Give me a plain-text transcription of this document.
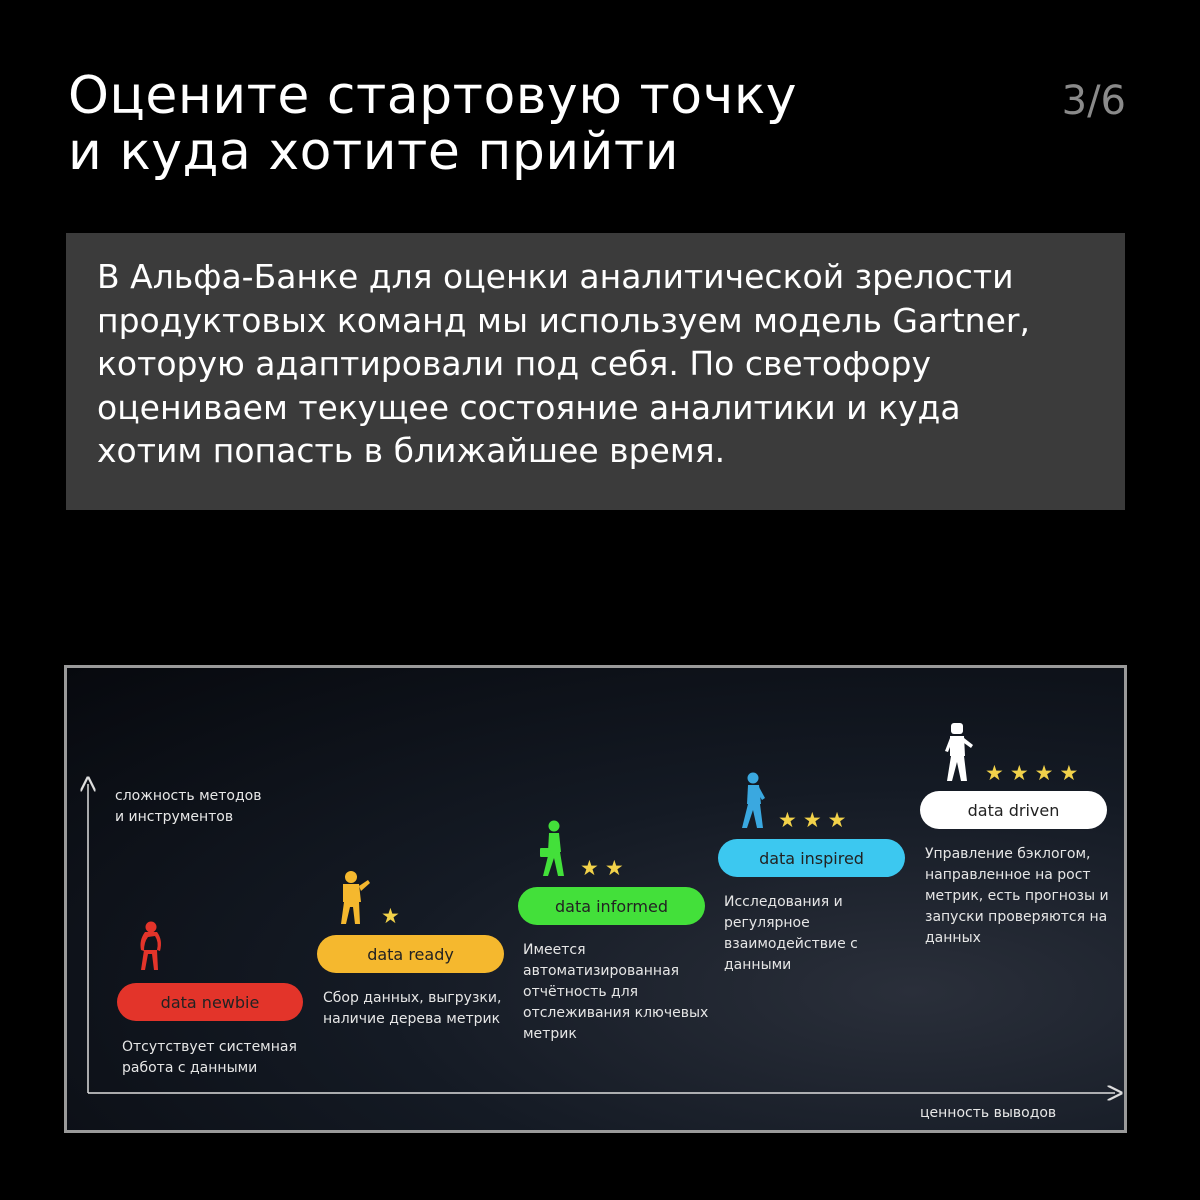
Оцените стартовую точку
и куда хотите прийти
3/6

В Альфа-Банке для оценки аналитической зрелости
продуктовых команд мы используем модель Gartner,
которую адаптировали под себя. По светофору
оцениваем текущее состояние аналитики и куда
хотим попасть в ближайшее время.

сложность методов
и инструментов
ценность выводов
data newbie
Отсутствует системная
работа с данными
★
data ready
Сбор данных, выгрузки,
наличие дерева метрик
★★
data informed
Имеется
автоматизированная
отчётность для
отслеживания ключевых
метрик
★★★
data inspired
Исследования и
регулярное
взаимодействие с
данными
★★★★
data driven
Управление бэклогом,
направленное на рост
метрик, есть прогнозы и
запуски проверяются на
данных
